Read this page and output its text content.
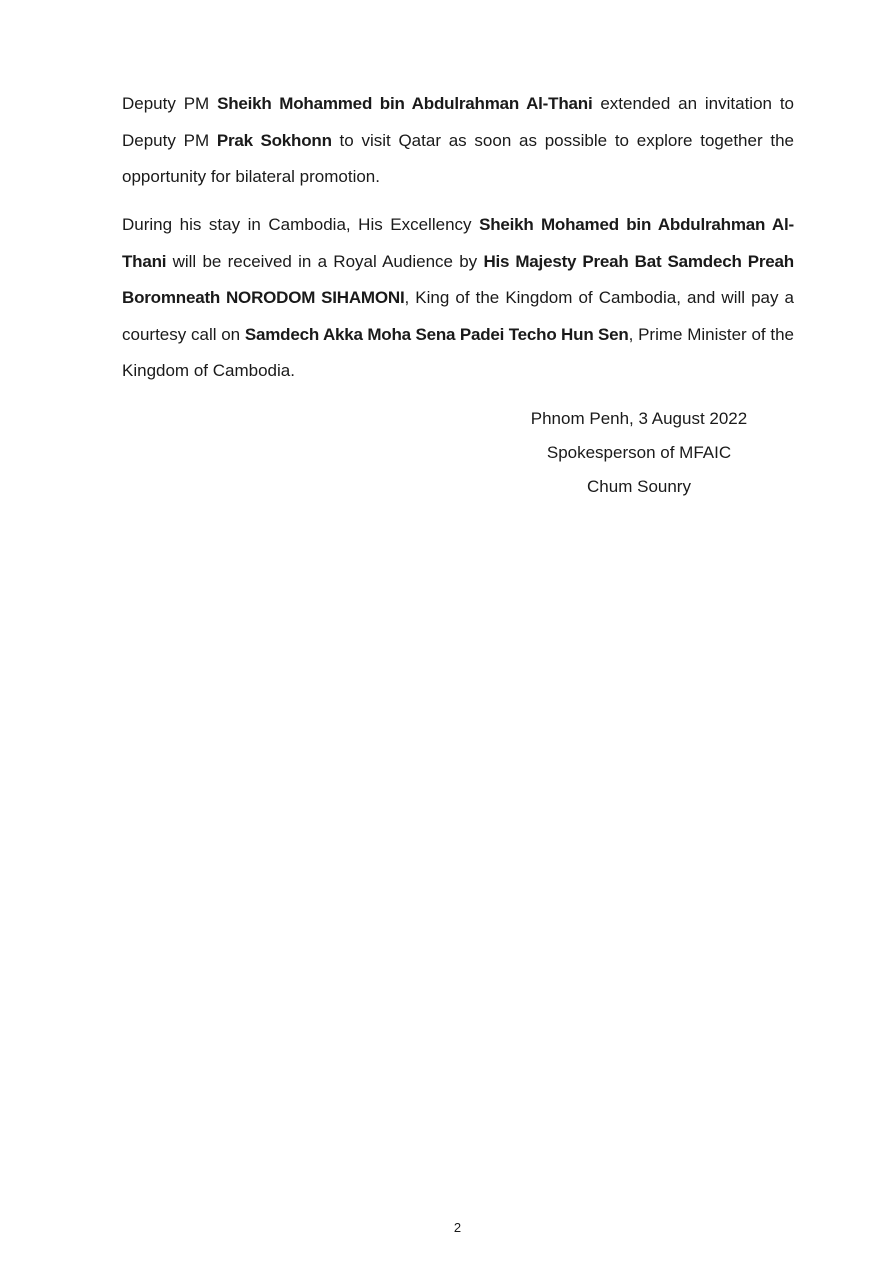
Deputy PM Sheikh Mohammed bin Abdulrahman Al-Thani extended an invitation to Deputy PM Prak Sokhonn to visit Qatar as soon as possible to explore together the opportunity for bilateral promotion.

During his stay in Cambodia, His Excellency Sheikh Mohamed bin Abdulrahman Al-Thani will be received in a Royal Audience by His Majesty Preah Bat Samdech Preah Boromneath NORODOM SIHAMONI, King of the Kingdom of Cambodia, and will pay a courtesy call on Samdech Akka Moha Sena Padei Techo Hun Sen, Prime Minister of the Kingdom of Cambodia.

Phnom Penh, 3 August 2022
Spokesperson of MFAIC
Chum Sounry
2
